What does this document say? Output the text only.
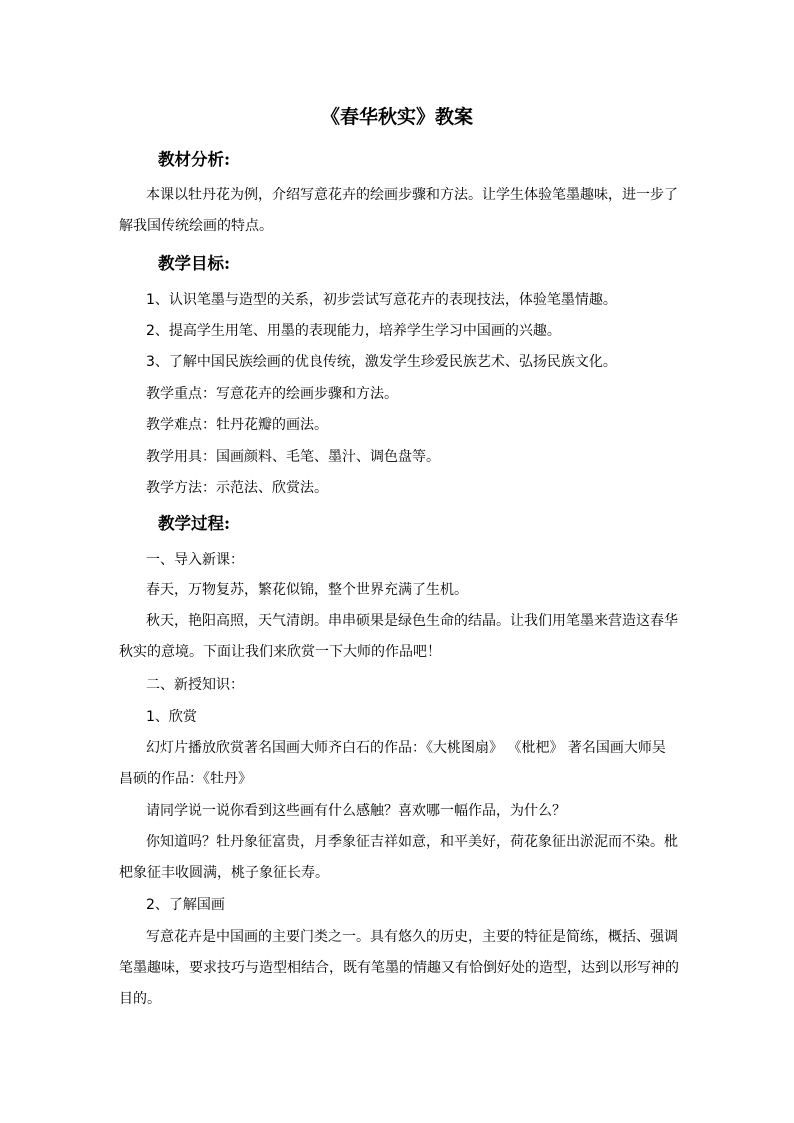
《春华秋实》教案
教材分析:
本课以牡丹花为例，介绍写意花卉的绘画步骤和方法。让学生体验笔墨趣味，进一步了解我国传统绘画的特点。
教学目标:
1、认识笔墨与造型的关系，初步尝试写意花卉的表现技法，体验笔墨情趣。
2、提高学生用笔、用墨的表现能力，培养学生学习中国画的兴趣。
3、了解中国民族绘画的优良传统，激发学生珍爱民族艺术、弘扬民族文化。
教学重点：写意花卉的绘画步骤和方法。
教学难点：牡丹花瓣的画法。
教学用具：国画颜料、毛笔、墨汁、调色盘等。
教学方法：示范法、欣赏法。
教学过程:
一、导入新课：
春天，万物复苏，繁花似锦，整个世界充满了生机。
秋天，艳阳高照，天气清朗。串串硕果是绿色生命的结晶。让我们用笔墨来营造这春华秋实的意境。下面让我们来欣赏一下大师的作品吧！
二、新授知识：
1、欣赏
幻灯片播放欣赏著名国画大师齐白石的作品：《大桃图扇》 《枇杷》 著名国画大师吴昌硕的作品：《牡丹》
请同学说一说你看到这些画有什么感触？喜欢哪一幅作品，为什么？
你知道吗？牡丹象征富贵，月季象征吉祥如意，和平美好，荷花象征出淤泥而不染。枇杷象征丰收圆满，桃子象征长寿。
2、了解国画
写意花卉是中国画的主要门类之一。具有悠久的历史，主要的特征是简练，概括、强调笔墨趣味，要求技巧与造型相结合，既有笔墨的情趣又有恰倒好处的造型，达到以形写神的目的。
